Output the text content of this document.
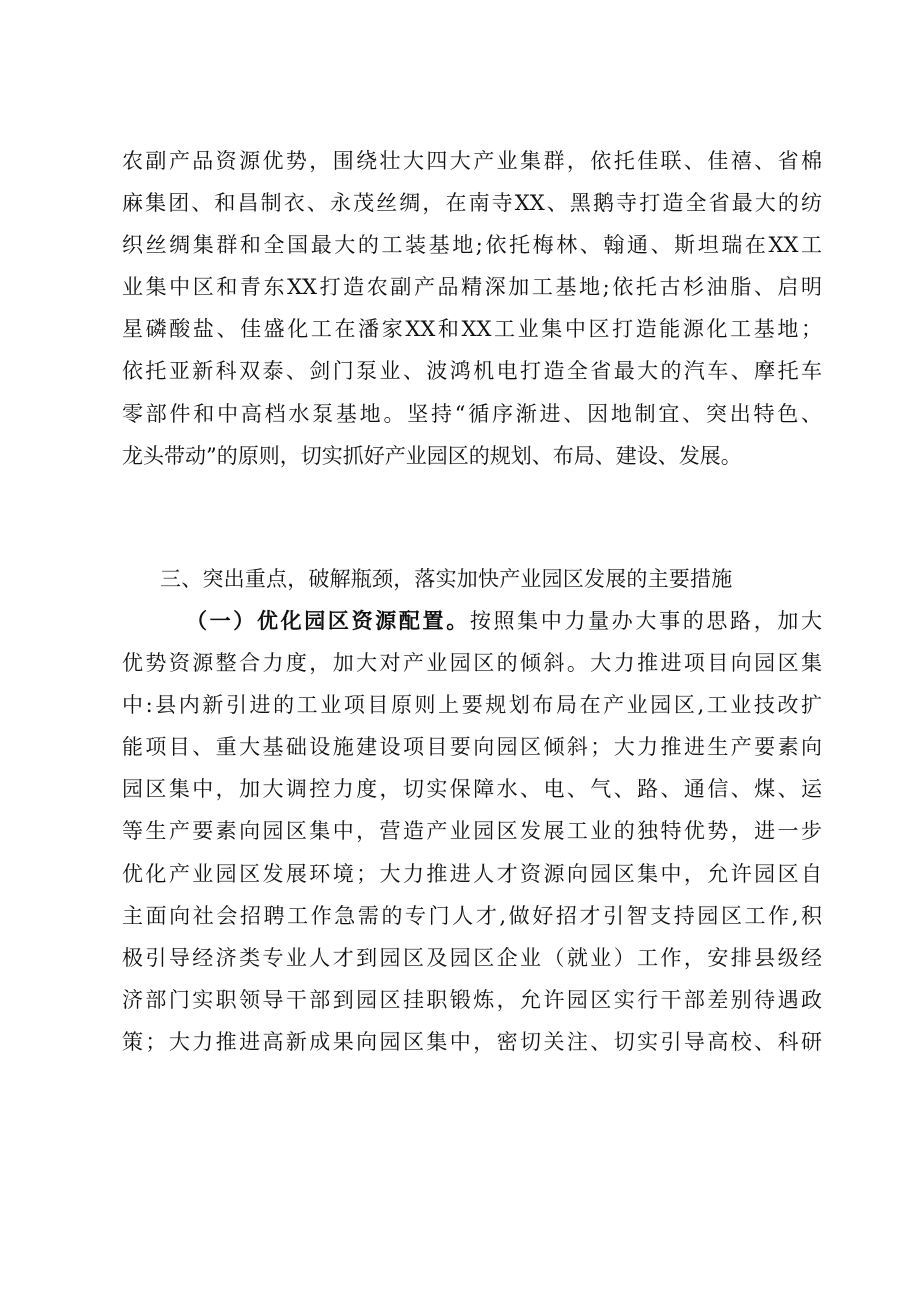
农副产品资源优势，围绕壮大四大产业集群，依托佳联、佳禧、省棉
麻集团、和昌制衣、永茂丝绸，在南寺XX、黑鹅寺打造全省最大的纺
织丝绸集群和全国最大的工装基地;依托梅林、翰通、斯坦瑞在XX工
业集中区和青东XX打造农副产品精深加工基地;依托古杉油脂、启明
星磷酸盐、佳盛化工在潘家XX和XX工业集中区打造能源化工基地；
依托亚新科双泰、剑门泵业、波鸿机电打造全省最大的汽车、摩托车
零部件和中高档水泵基地。坚持“循序渐进、因地制宜、突出特色、
龙头带动”的原则，切实抓好产业园区的规划、布局、建设、发展。
三、突出重点，破解瓶颈，落实加快产业园区发展的主要措施
（一）优化园区资源配置。按照集中力量办大事的思路，加大
优势资源整合力度，加大对产业园区的倾斜。大力推进项目向园区集
中:县内新引进的工业项目原则上要规划布局在产业园区,工业技改扩
能项目、重大基础设施建设项目要向园区倾斜；大力推进生产要素向
园区集中，加大调控力度，切实保障水、电、气、路、通信、煤、运
等生产要素向园区集中，营造产业园区发展工业的独特优势，进一步
优化产业园区发展环境；大力推进人才资源向园区集中，允许园区自
主面向社会招聘工作急需的专门人才,做好招才引智支持园区工作,积
极引导经济类专业人才到园区及园区企业（就业）工作，安排县级经
济部门实职领导干部到园区挂职锻炼，允许园区实行干部差别待遇政
策；大力推进高新成果向园区集中，密切关注、切实引导高校、科研
